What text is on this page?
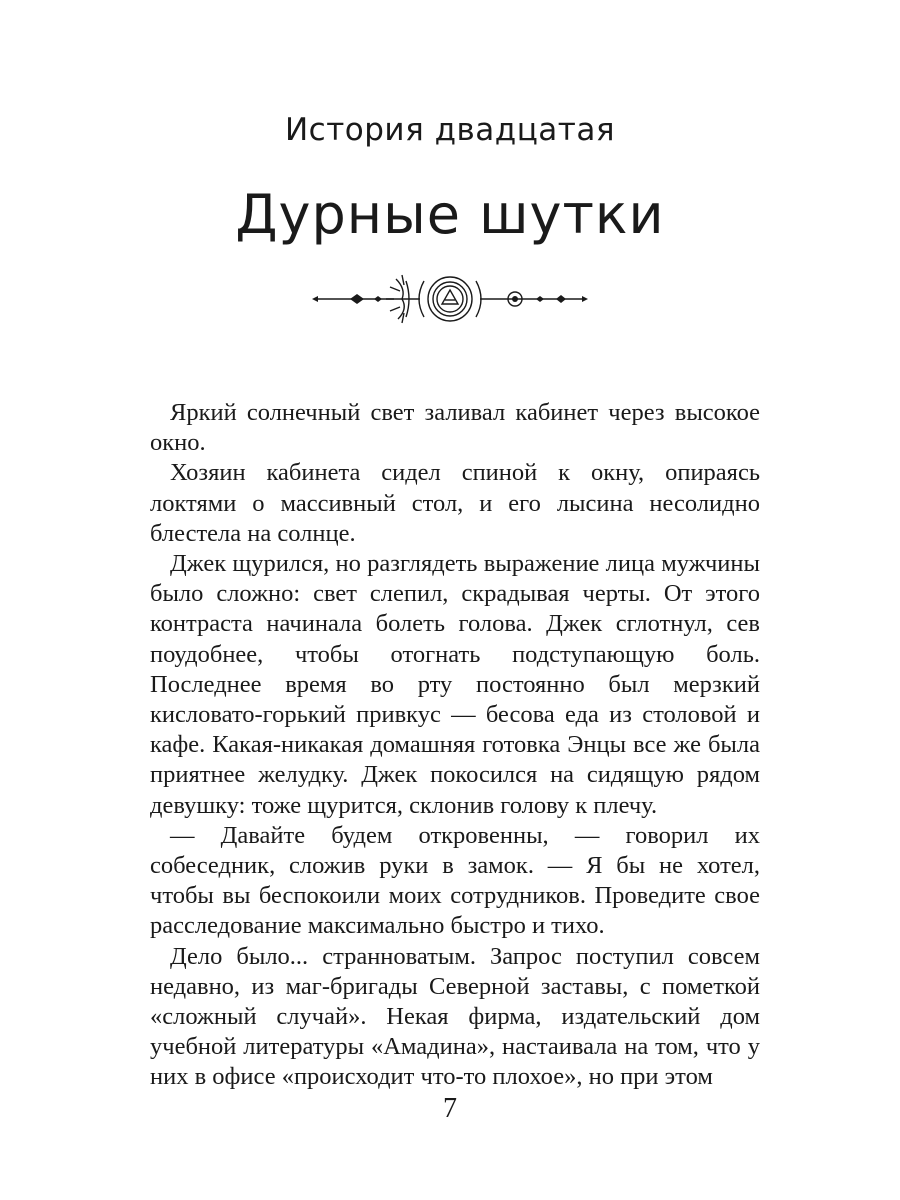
История двадцатая
Дурные шутки

Яркий солнечный свет заливал кабинет через высокое окно.

Хозяин кабинета сидел спиной к окну, опираясь локтями о массивный стол, и его лысина несолидно блестела на солнце.

Джек щурился, но разглядеть выражение лица мужчины было сложно: свет слепил, скрадывая черты. От этого контраста начинала болеть голова. Джек сглотнул, сев поудобнее, чтобы отогнать подступающую боль. Последнее время во рту постоянно был мерзкий кисловато-горький привкус — бесова еда из столовой и кафе. Какая-никакая домашняя готовка Энцы все же была приятнее желудку. Джек покосился на сидящую рядом девушку: тоже щурится, склонив голову к плечу.

— Давайте будем откровенны, — говорил их собеседник, сложив руки в замок. — Я бы не хотел, чтобы вы беспокоили моих сотрудников. Проведите свое расследование максимально быстро и тихо.

Дело было... странноватым. Запрос поступил совсем недавно, из маг-бригады Северной заставы, с пометкой «сложный случай». Некая фирма, издательский дом учебной литературы «Амадина», настаивала на том, что у них в офисе «происходит что-то плохое», но при этом

7
